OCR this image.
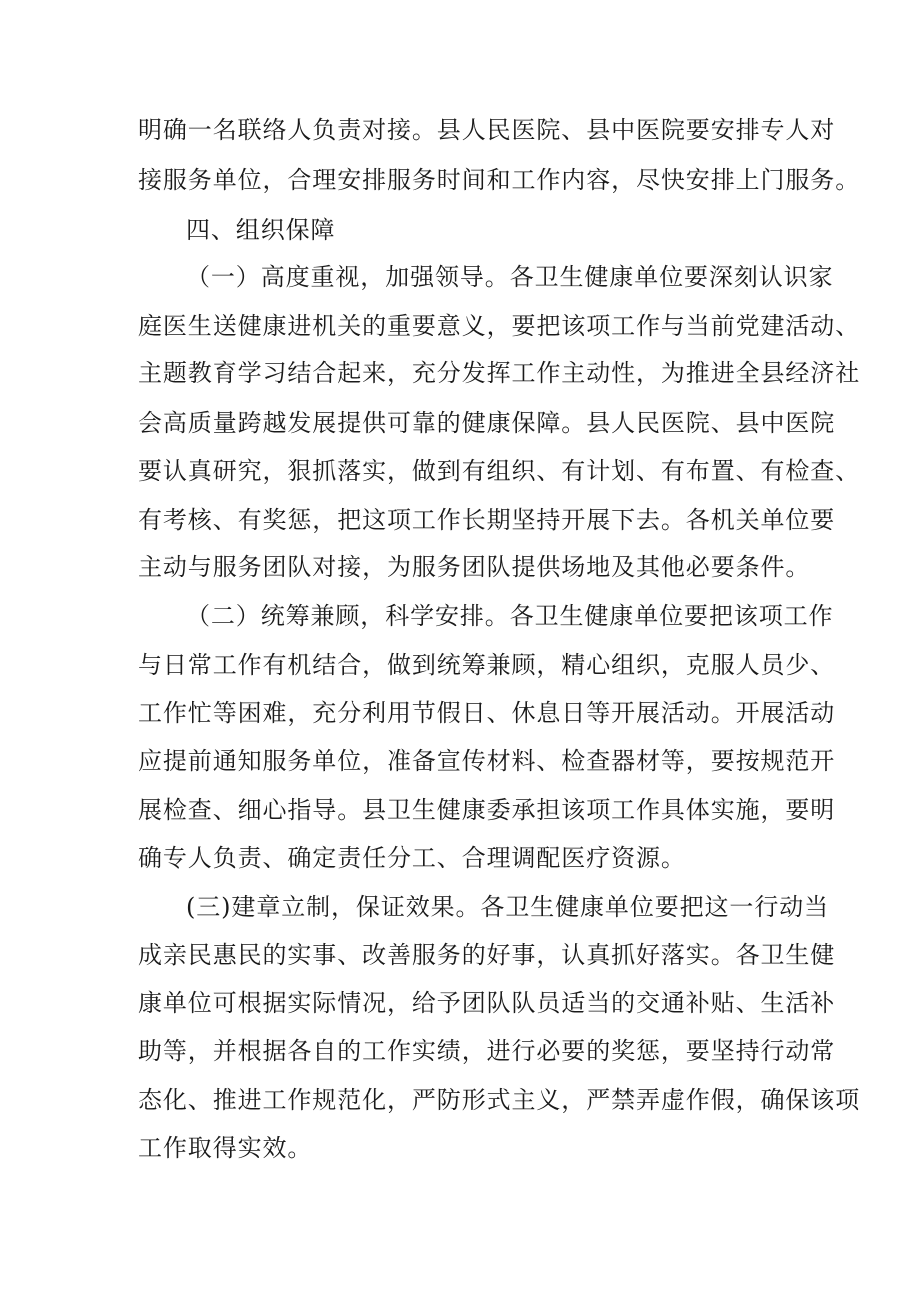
明确一名联络人负责对接。县人民医院、县中医院要安排专人对
接服务单位，合理安排服务时间和工作内容，尽快安排上门服务。
四、组织保障
（一）高度重视，加强领导。各卫生健康单位要深刻认识家
庭医生送健康进机关的重要意义，要把该项工作与当前党建活动、
主题教育学习结合起来，充分发挥工作主动性，为推进全县经济社
会高质量跨越发展提供可靠的健康保障。县人民医院、县中医院
要认真研究，狠抓落实，做到有组织、有计划、有布置、有检查、
有考核、有奖惩，把这项工作长期坚持开展下去。各机关单位要
主动与服务团队对接，为服务团队提供场地及其他必要条件。
（二）统筹兼顾，科学安排。各卫生健康单位要把该项工作
与日常工作有机结合，做到统筹兼顾，精心组织，克服人员少、
工作忙等困难，充分利用节假日、休息日等开展活动。开展活动
应提前通知服务单位，准备宣传材料、检查器材等，要按规范开
展检查、细心指导。县卫生健康委承担该项工作具体实施，要明
确专人负责、确定责任分工、合理调配医疗资源。
(三)建章立制，保证效果。各卫生健康单位要把这一行动当
成亲民惠民的实事、改善服务的好事，认真抓好落实。各卫生健
康单位可根据实际情况，给予团队队员适当的交通补贴、生活补
助等，并根据各自的工作实绩，进行必要的奖惩，要坚持行动常
态化、推进工作规范化，严防形式主义，严禁弄虚作假，确保该项
工作取得实效。
